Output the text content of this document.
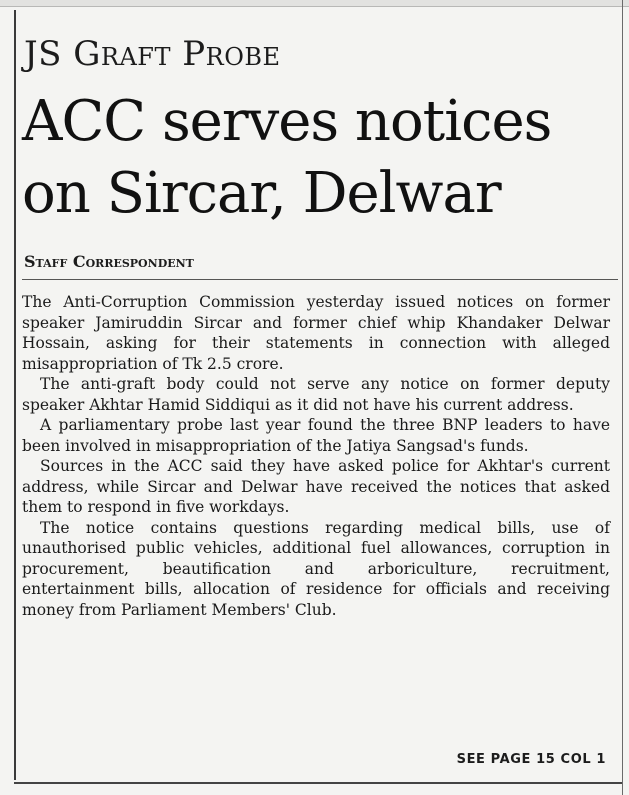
JS Graft Probe
ACC serves notices on Sircar, Delwar
Staff Correspondent

The Anti-Corruption Commission yesterday issued notices on former speaker Jamiruddin Sircar and former chief whip Khandaker Delwar Hossain, asking for their statements in connection with alleged misappropriation of Tk 2.5 crore.

The anti-graft body could not serve any notice on former deputy speaker Akhtar Hamid Siddiqui as it did not have his current address.

A parliamentary probe last year found the three BNP leaders to have been involved in misappropriation of the Jatiya Sangsad's funds.

Sources in the ACC said they have asked police for Akhtar's current address, while Sircar and Delwar have received the notices that asked them to respond in five workdays.

The notice contains questions regarding medical bills, use of unauthorised public vehicles, additional fuel allowances, corruption in procurement, beautification and arboriculture, recruitment, entertainment bills, allocation of residence for officials and receiving money from Parliament Members' Club.

SEE PAGE 15 COL 1
